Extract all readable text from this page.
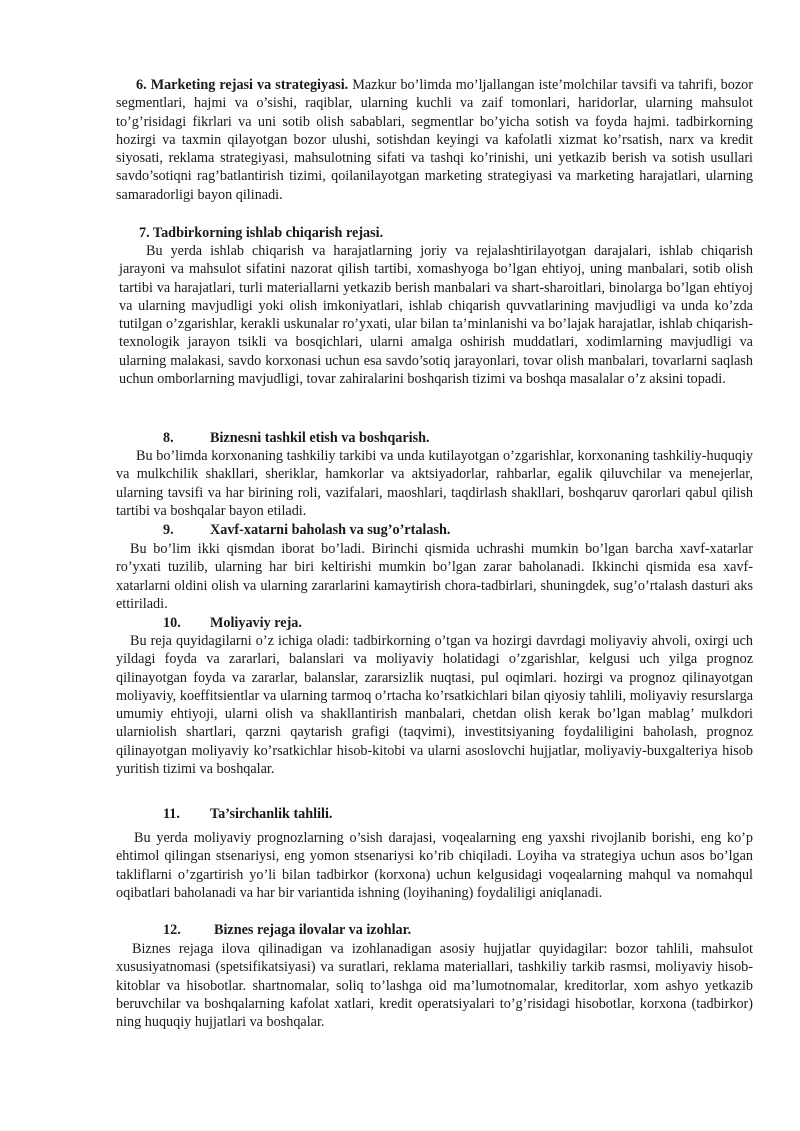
6. Marketing rejasi va strategiyasi. Mazkur bo’limda mo’ljallangan iste’molchilar tavsifi va tahrifi, bozor segmentlari, hajmi va o’sishi, raqiblar, ularning kuchli va zaif tomonlari, haridorlar, ularning mahsulot to’g’risidagi fikrlari va uni sotib olish sabablari, segmentlar bo’yicha sotish va foyda hajmi. tadbirkorning hozirgi va taxmin qilayotgan bozor ulushi, sotishdan keyingi va kafolatli xizmat ko’rsatish, narx va kredit siyosati, reklama strategiyasi, mahsulotning sifati va tashqi ko’rinishi, uni yetkazib berish va sotish usullari savdo’sotiqni rag’batlantirish tizimi, qoilanilayotgan marketing strategiyasi va marketing harajatlari, ularning samaradorligi bayon qilinadi.

7. Tadbirkorning ishlab chiqarish rejasi.

Bu yerda ishlab chiqarish va harajatlarning joriy va rejalashtirilayotgan darajalari, ishlab chiqarish jarayoni va mahsulot sifatini nazorat qilish tartibi, xomashyoga bo’lgan ehtiyoj, uning manbalari, sotib olish tartibi va harajatlari, turli materiallarni yetkazib berish manbalari va shart-sharoitlari, binolarga bo’lgan ehtiyoj va ularning mavjudligi yoki olish imkoniyatlari, ishlab chiqarish quvvatlarining mavjudligi va unda ko’zda tutilgan o’zgarishlar, kerakli uskunalar ro’yxati, ular bilan ta’minlanishi va bo’lajak harajatlar, ishlab chiqarish-texnologik jarayon tsikli va bosqichlari, ularni amalga oshirish muddatlari, xodimlarning mavjudligi va ularning malakasi, savdo korxonasi uchun esa savdo’sotiq jarayonlari, tovar olish manbalari, tovarlarni saqlash uchun omborlarning mavjudligi, tovar zahiralarini boshqarish tizimi va boshqa masalalar o’z aksini topadi.

8.	Biznesni tashkil etish va boshqarish.

Bu bo’limda korxonaning tashkiliy tarkibi va unda kutilayotgan o’zgarishlar, korxonaning tashkiliy-huquqiy va mulkchilik shakllari, sheriklar, hamkorlar va aktsiyadorlar, rahbarlar, egalik qiluvchilar va menejerlar, ularning tavsifi va har birining roli, vazifalari, maoshlari, taqdirlash shakllari, boshqaruv qarorlari qabul qilish tartibi va boshqalar bayon etiladi.

9.	Xavf-xatarni baholash va sug’o’rtalash.

Bu bo’lim ikki qismdan iborat bo’ladi. Birinchi qismida uchrashi mumkin bo’lgan barcha xavf-xatarlar ro’yxati tuzilib, ularning har biri keltirishi mumkin bo’lgan zarar baholanadi. Ikkinchi qismida esa xavf-xatarlarni oldini olish va ularning zararlarini kamaytirish chora-tadbirlari, shuningdek, sug’o’rtalash dasturi aks ettiriladi.

10. Moliyaviy reja.

Bu reja quyidagilarni o’z ichiga oladi: tadbirkorning o’tgan va hozirgi davrdagi moliyaviy ahvoli, oxirgi uch yildagi foyda va zararlari, balanslari va moliyaviy holatidagi o’zgarishlar, kelgusi uch yilga prognoz qilinayotgan foyda va zararlar, balanslar, zararsizlik nuqtasi, pul oqimlari. hozirgi va prognoz qilinayotgan moliyaviy, koeffitsientlar va ularning tarmoq o’rtacha ko’rsatkichlari bilan qiyosiy tahlili, moliyaviy resurslarga umumiy ehtiyoji, ularni olish va shakllantirish manbalari, chetdan olish kerak bo’lgan mablag’ mulkdori ularniolish shartlari, qarzni qaytarish grafigi (taqvimi), investitsiyaning foydaliligini baholash, prognoz qilinayotgan moliyaviy ko’rsatkichlar hisob-kitobi va ularni asoslovchi hujjatlar, moliyaviy-buxgalteriya hisob yuritish tizimi va boshqalar.

11. Ta’sirchanlik tahlili.

Bu yerda moliyaviy prognozlarning o’sish darajasi, voqealarning eng yaxshi rivojlanib borishi, eng ko’p ehtimol qilingan stsenariysi, eng yomon stsenariysi ko’rib chiqiladi. Loyiha va strategiya uchun asos bo’lgan takliflarni o’zgartirish yo’li bilan tadbirkor (korxona) uchun kelgusidagi voqealarning mahqul va nomahqul oqibatlari baholanadi va har bir variantida ishning (loyihaning) foydaliligi aniqlanadi.

12. Biznes rejaga ilovalar va izohlar.

Biznes rejaga ilova qilinadigan va izohlanadigan asosiy hujjatlar quyidagilar: bozor tahlili, mahsulot xususiyatnomasi (spetsifikatsiyasi) va suratlari, reklama materiallari, tashkiliy tarkib rasmsi, moliyaviy hisob-kitoblar va hisobotlar. shartnomalar, soliq to’lashga oid ma’lumotnomalar, kreditorlar, xom ashyo yetkazib beruvchilar va boshqalarning kafolat xatlari, kredit operatsiyalari to’g’risidagi hisobotlar, korxona (tadbirkor) ning huquqiy hujjatlari va boshqalar.
